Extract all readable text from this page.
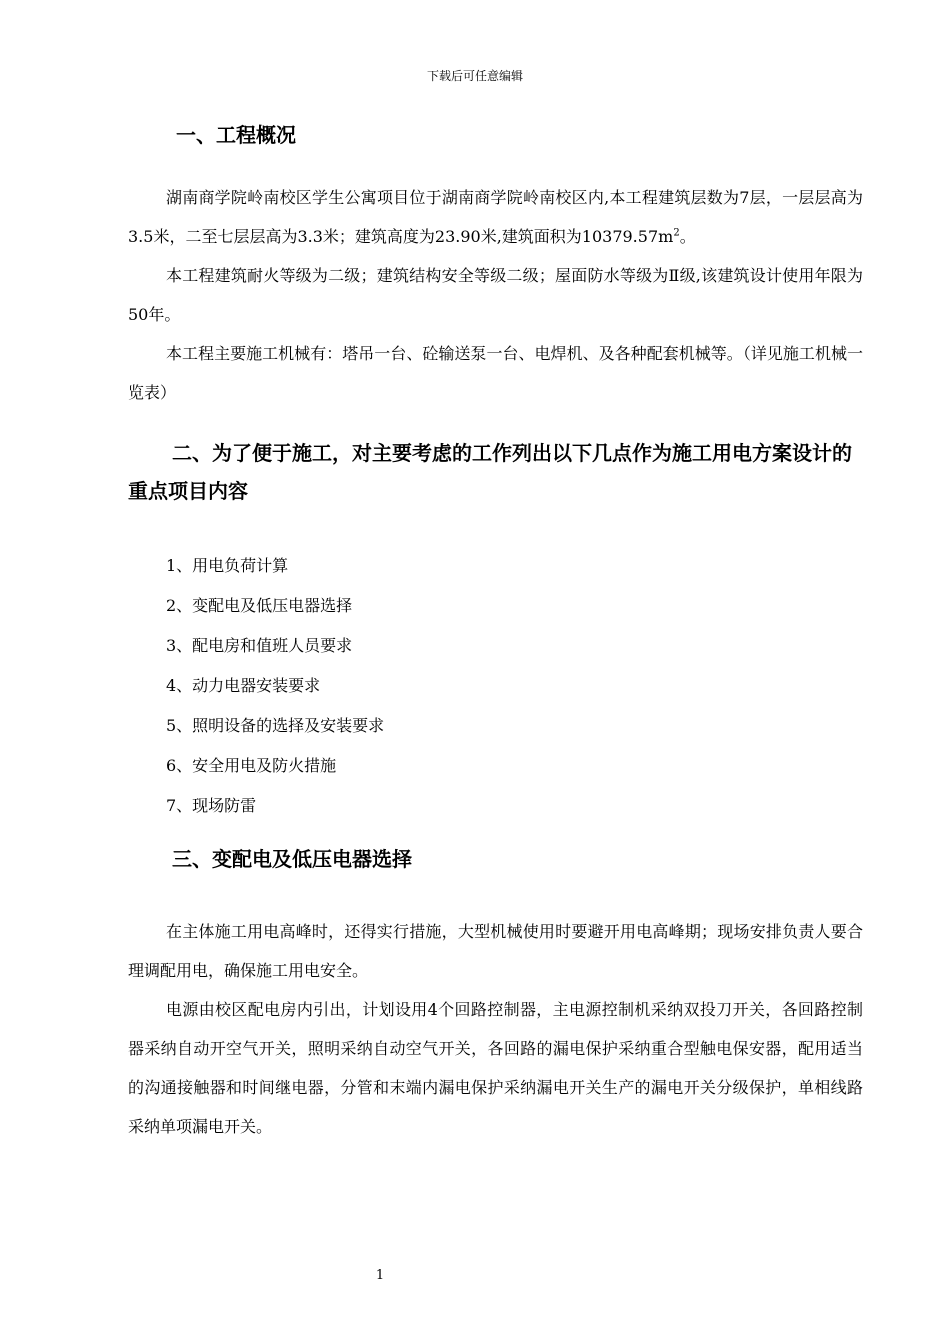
下载后可任意编辑
一、工程概况

湖南商学院岭南校区学生公寓项目位于湖南商学院岭南校区内,本工程建筑层数为7层，一层层高为3.5米，二至七层层高为3.3米；建筑高度为23.90米,建筑面积为$10379.57m^2$。

本工程建筑耐火等级为二级；建筑结构安全等级二级；屋面防水等级为Ⅱ级,该建筑设计使用年限为50年。

本工程主要施工机械有：塔吊一台、砼输送泵一台、电焊机、及各种配套机械等。（详见施工机械一览表）

二、为了便于施工，对主要考虑的工作列出以下几点作为施工用电方案设计的重点项目内容
1、用电负荷计算
2、变配电及低压电器选择
3、配电房和值班人员要求
4、动力电器安装要求
5、照明设备的选择及安装要求
6、安全用电及防火措施
7、现场防雷
三、变配电及低压电器选择

在主体施工用电高峰时，还得实行措施，大型机械使用时要避开用电高峰期；现场安排负责人要合理调配用电，确保施工用电安全。

电源由校区配电房内引出，计划设用4个回路控制器，主电源控制机采纳双投刀开关，各回路控制器采纳自动开空气开关，照明采纳自动空气开关，各回路的漏电保护采纳重合型触电保安器，配用适当的沟通接触器和时间继电器，分管和末端内漏电保护采纳漏电开关生产的漏电开关分级保护，单相线路采纳单项漏电开关。

1
